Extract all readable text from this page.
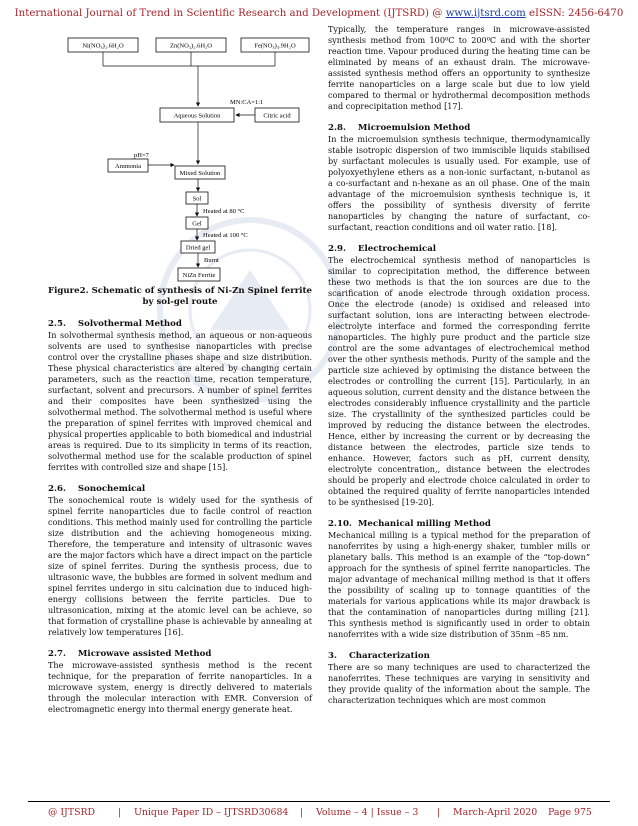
International Journal of Trend in Scientific Research and Development (IJTSRD) @ www.ijtsrd.com eISSN: 2456-6470
Ni(NO₃)₂.6H₂O	Zn(NO₃)₂.6H₂O	Fe(NO₃)₃.9H₂O
MN:CA=1:1
Aqueous Solution	Citric acid
pH=7
Ammonia
Mixed Solution
Sol
Heated at 80 °C
Gel
Heated at 100 °C
Dried gel
Burnt
NiZn Ferrite
Figure2. Schematic of synthesis of Ni-Zn Spinel ferrite
by sol-gel route
2.5.    Solvothermal Method

In solvothermal synthesis method, an aqueous or non-aqueous solvents are used to synthesise nanoparticles with precise control over the crystalline phases shape and size distribution. These physical characteristics are altered by changing certain parameters, such as the reaction time, recation temperature, surfactant, solvent and precursors. A number of spinel ferrites and their composites have been synthesized using the solvothermal method. The solvothermal method is useful where the preparation of spinel ferrites with improved chemical and physical properties applicable to both biomedical and industrial areas is required. Due to its simplicity in terms of its reaction, solvothermal method use for the scalable production of spinel ferrites with controlled size and shape [15].

2.6.    Sonochemical

The sonochemical route is widely used for the synthesis of spinel ferrite nanoparticles due to facile control of reaction conditions. This method mainly used for controlling the particle size distribution and the achieving homogeneous mixing. Therefore, the temperature and intensity of ultrasonic waves are the major factors which have a direct impact on the particle size of spinel ferrites. During the synthesis process, due to ultrasonic wave, the bubbles are formed in solvent medium and spinel ferrites undergo in situ calcination due to induced high-energy collisions between the ferrite particles. Due to ultrasonication, mixing at the atomic level can be achieve, so that formation of crystalline phase is achievable by annealing at relatively low temperatures [16].

2.7.    Microwave assisted Method

The microwave-assisted synthesis method is the recent technique, for the preparation of ferrite nanoparticles. In a microwave system, energy is directly delivered to materials through the molecular interaction with EMR. Conversion of electromagnetic energy into thermal energy generate heat.

Typically, the temperature ranges in microwave-assisted synthesis method from 100⁰C to 200⁰C and with the shorter reaction time. Vapour produced during the heating time can be eliminated by means of an exhaust drain. The microwave-assisted synthesis method offers an opportunity to synthesize ferrite nanoparticles on a large scale but due to low yield compared to thermal or hydrothermal decomposition methods and coprecipitation method [17].

2.8.    Microemulsion Method

In the microemulsion synthesis technique, thermodynamically stable isotropic dispersion of two immiscible liquids stabilised by surfactant molecules is usually used. For example, use of polyoxyethylene ethers as a non-ionic surfactant, n-butanol as a co-surfactant and n-hexane as an oil phase. One of the main advantage of the microemulsion synthesis technique is, it offers the possibility of synthesis diversity of ferrite nanoparticles by changing the nature of surfactant, co-surfactant, reaction conditions and oil water ratio. [18].

2.9.    Electrochemical

The electrochemical synthesis method of nanoparticles is similar to coprecipitation method, the difference between these two methods is that the ion sources are due to the scarification of anode electrode through oxidation process. Once the electrode (anode) is oxidised and released into surfactant solution, ions are interacting between electrode-electrolyte interface and formed the corresponding ferrite nanoparticles. The highly pure product and the particle size control are the some advantages of electrochemical method over the other synthesis methods. Purity of the sample and the particle size achieved by optimising the distance between the electrodes or controlling the current [15]. Particularly, in an aqueous solution, current density and the distance between the electrodes considerably influence crystallinity and the particle size. The crystallinity of the synthesized particles could be improved by reducing the distance between the electrodes. Hence, either by increasing the current or by decreasing the distance between the electrodes, particle size tends to enhance. However, factors such as pH, current density, electrolyte concentration,, distance between the electrodes should be properly and electrode choice calculated in order to obtained the required quality of ferrite nanoparticles intended to be synthesised [19-20].

2.10.  Mechanical milling Method

Mechanical milling is a typical method for the preparation of nanoferrites by using a high-energy shaker, tumbler mills or planetary balls. This method is an example of the “top-down” approach for the synthesis of spinel ferrite nanoparticles. The major advantage of mechanical milling method is that it offers the possibility of scaling up to tonnage quantities of the materials for various applications while its major drawback is that the contamination of nanoparticles during milling [21]. This synthesis method is significantly used in order to obtain nanoferrites with a wide size distribution of 35nm –85 nm.

3.    Characterization

There are so many techniques are used to characterized the nanoferrites. These techniques are varying in sensitivity and they provide quality of the information about the sample. The characterization techniques which are most common

@ IJTSRD | Unique Paper ID – IJTSRD30684 | Volume – 4 | Issue – 3 | March-April 2020 Page 975
